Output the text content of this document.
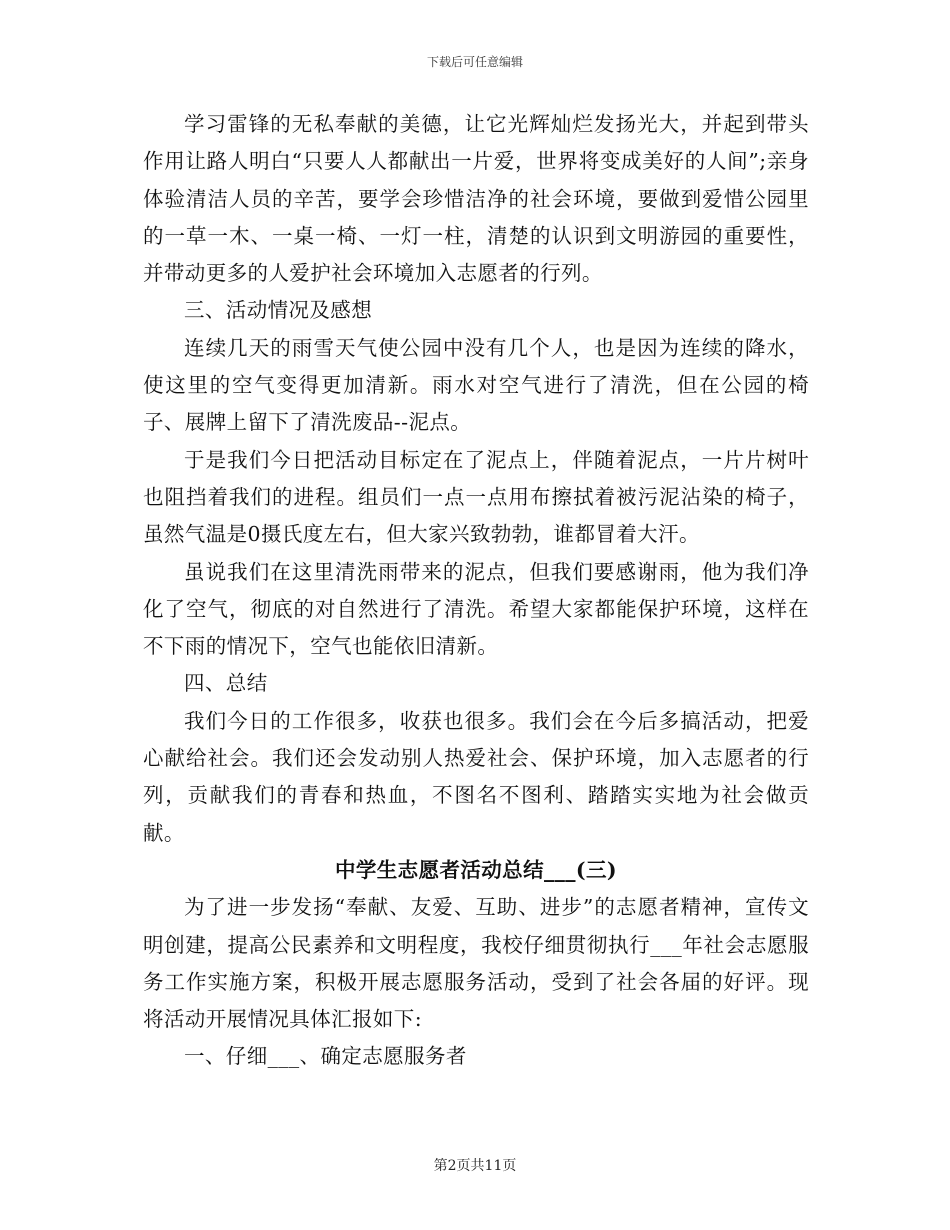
下载后可任意编辑

学习雷锋的无私奉献的美德，让它光辉灿烂发扬光大，并起到带头作用让路人明白“只要人人都献出一片爱，世界将变成美好的人间”;亲身体验清洁人员的辛苦，要学会珍惜洁净的社会环境，要做到爱惜公园里的一草一木、一桌一椅、一灯一柱，清楚的认识到文明游园的重要性，并带动更多的人爱护社会环境加入志愿者的行列。

三、活动情况及感想

连续几天的雨雪天气使公园中没有几个人，也是因为连续的降水，使这里的空气变得更加清新。雨水对空气进行了清洗，但在公园的椅子、展牌上留下了清洗废品--泥点。

于是我们今日把活动目标定在了泥点上，伴随着泥点，一片片树叶也阻挡着我们的进程。组员们一点一点用布擦拭着被污泥沾染的椅子，虽然气温是0摄氏度左右，但大家兴致勃勃，谁都冒着大汗。

虽说我们在这里清洗雨带来的泥点，但我们要感谢雨，他为我们净化了空气，彻底的对自然进行了清洗。希望大家都能保护环境，这样在不下雨的情况下，空气也能依旧清新。

四、总结

我们今日的工作很多，收获也很多。我们会在今后多搞活动，把爱心献给社会。我们还会发动别人热爱社会、保护环境，加入志愿者的行列，贡献我们的青春和热血，不图名不图利、踏踏实实地为社会做贡献。

中学生志愿者活动总结___(三)

为了进一步发扬“奉献、友爱、互助、进步”的志愿者精神，宣传文明创建，提高公民素养和文明程度，我校仔细贯彻执行___年社会志愿服务工作实施方案，积极开展志愿服务活动，受到了社会各届的好评。现将活动开展情况具体汇报如下:

一、仔细___、确定志愿服务者

第2页共11页
